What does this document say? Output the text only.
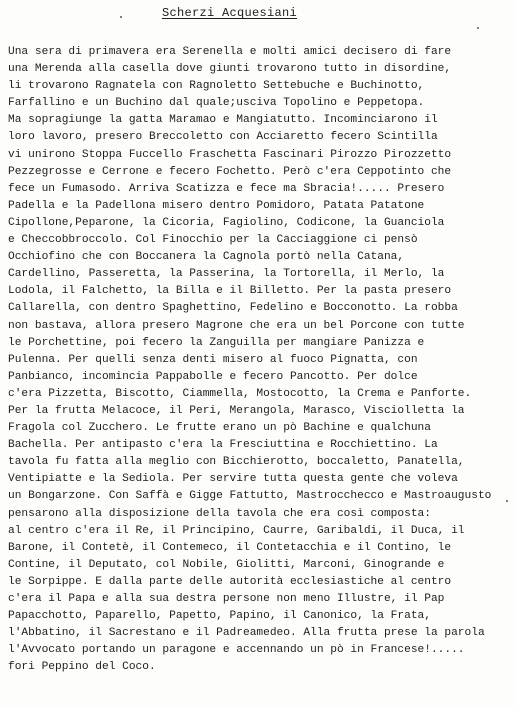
Scherzi Acquesiani
Una sera di primavera era Serenella e molti amici decisero di fare
una Merenda alla casella dove giunti trovarono tutto in disordine,
li trovarono Ragnatela con Ragnoletto Settebuche e Buchinotto,
Farfallino e un Buchino dal quale;usciva Topolino e Peppetopa.
Ma sopragiunge la gatta Maramao e Mangiatutto. Incominciarono il
loro lavoro, presero Breccoletto con Acciaretto fecero Scintilla
vi unirono Stoppa Fuccello Fraschetta Fascinari Pirozzo Pirozzetto
Pezzegrosse e Cerrone e fecero Fochetto. Però c'era Ceppotinto che
fece un Fumasodo. Arriva Scatizza e fece ma Sbracia!..... Presero
Padella e la Padellona misero dentro Pomidoro, Patata Patatone
Cipollone,Peparone, la Cicoria, Fagiolino, Codicone, la Guanciola
e Checcobbroccolo. Col Finocchio per la Cacciaggione ci pensò
Occhiofino che con Boccanera la Cagnola portò nella Catana,
Cardellino, Passeretta, la Passerina, la Tortorella, il Merlo, la
Lodola, il Falchetto, la Billa e il Billetto. Per la pasta presero
Callarella, con dentro Spaghettino, Fedelino e Bocconotto. La robba
non bastava, allora presero Magrone che era un bel Porcone con tutte
le Porchettine, poi fecero la Zanguilla per mangiare Panizza e
Pulenna. Per quelli senza denti misero al fuoco Pignatta, con
Panbianco, incomincia Pappabolle e fecero Pancotto. Per dolce
c'era Pizzetta, Biscotto, Ciammella, Mostocotto, la Crema e Panforte.
Per la frutta Melacoce, il Peri, Merangola, Marasco, Visciolletta la
Fragola col Zucchero. Le frutte erano un pò Bachine e qualchuna
Bachella. Per antipasto c'era la Fresciuttina e Rocchiettino. La
tavola fu fatta alla meglio con Bicchierotto, boccaletto, Panatella,
Ventipiatte e la Sediola. Per servire tutta questa gente che voleva
un Bongarzone. Con Saffà e Gigge Fattutto, Mastrocchecco e Mastroaugusto
pensarono alla disposizione della tavola che era così composta:
al centro c'era il Re, il Principino, Caurre, Garibaldi, il Duca, il
Barone, il Contetè, il Contemeco, il Contetacchia e il Contino, le
Contine, il Deputato, col Nobile, Giolitti, Marconi, Ginogrande e
le Sorpippe. E dalla parte delle autorità ecclesiastiche al centro
c'era il Papa e alla sua destra persone non meno Illustre, il Pap
Papacchotto, Paparello, Papetto, Papino, il Canonico, la Frata,
l'Abbatino, il Sacrestano e il Padreamedeo. Alla frutta prese la parola
l'Avvocato portando un paragone e accennando un pò in Francese!.....
fori Peppino del Coco.
